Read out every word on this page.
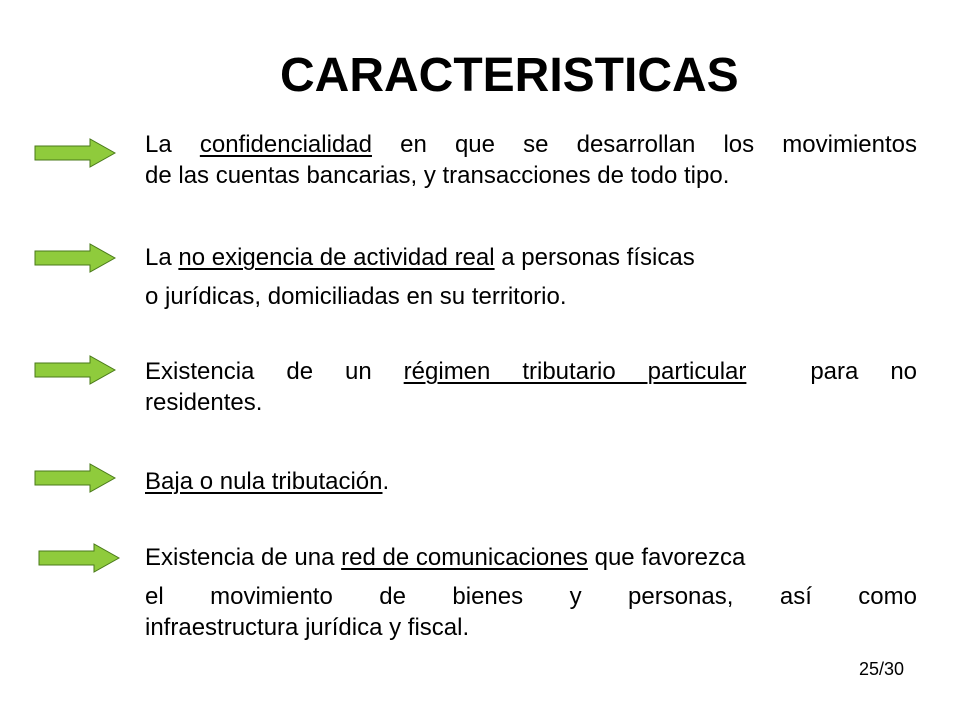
CARACTERISTICAS
La confidencialidad en que se desarrollan los movimientos
de las cuentas bancarias, y transacciones de todo tipo.
La no exigencia de actividad real a personas físicas
o jurídicas, domiciliadas en su territorio.
Existencia de un régimen tributario particular  para no
residentes.
Baja o nula tributación.
Existencia de una red de comunicaciones que favorezca
el movimiento de bienes y personas, así como
infraestructura jurídica y fiscal.
25/30
